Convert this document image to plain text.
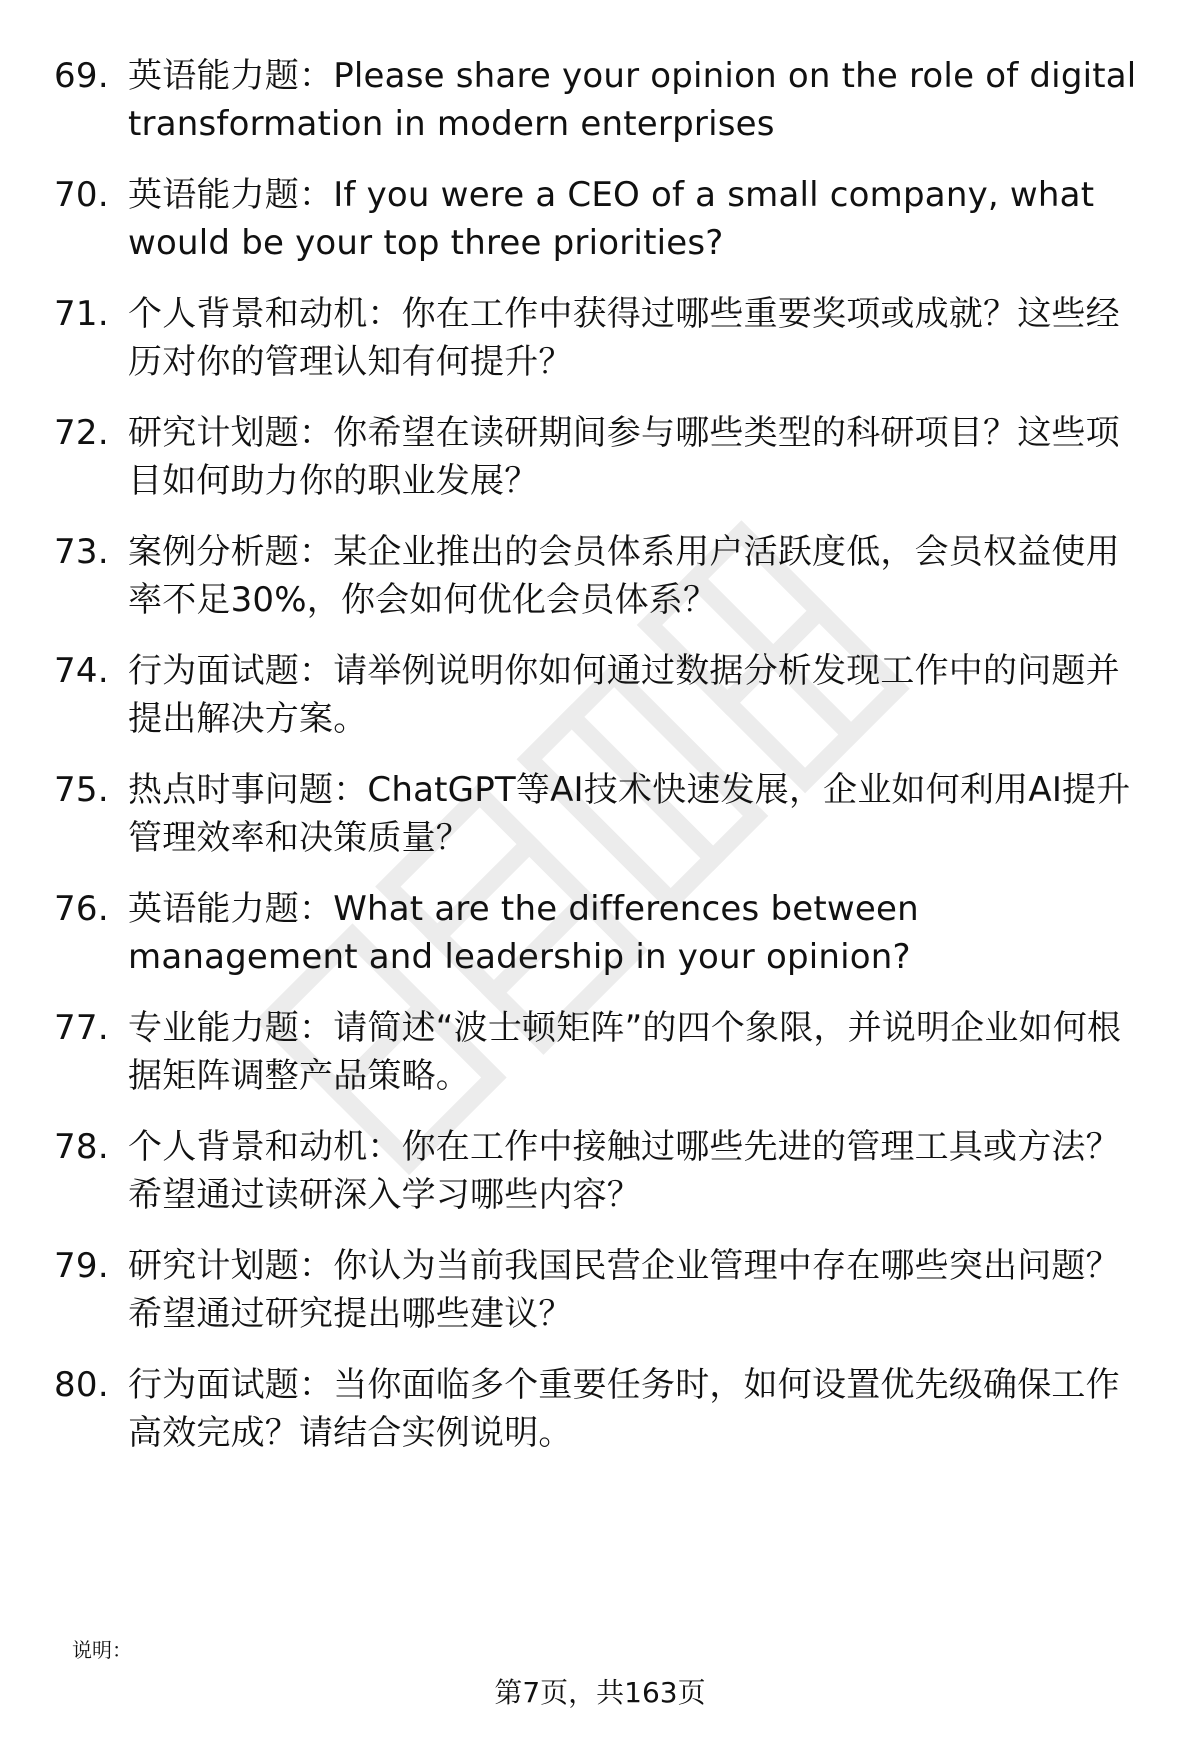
69. 英语能力题：Please share your opinion on the role of digital transformation in modern enterprises
70. 英语能力题：If you were a CEO of a small company, what would be your top three priorities?
71. 个人背景和动机：你在工作中获得过哪些重要奖项或成就？这些经历对你的管理认知有何提升？
72. 研究计划题：你希望在读研期间参与哪些类型的科研项目？这些项目如何助力你的职业发展？
73. 案例分析题：某企业推出的会员体系用户活跃度低，会员权益使用率不足30%，你会如何优化会员体系？
74. 行为面试题：请举例说明你如何通过数据分析发现工作中的问题并提出解决方案。
75. 热点时事问题：ChatGPT等AI技术快速发展，企业如何利用AI提升管理效率和决策质量？
76. 英语能力题：What are the differences between management and leadership in your opinion?
77. 专业能力题：请简述“波士顿矩阵”的四个象限，并说明企业如何根据矩阵调整产品策略。
78. 个人背景和动机：你在工作中接触过哪些先进的管理工具或方法？希望通过读研深入学习哪些内容？
79. 研究计划题：你认为当前我国民营企业管理中存在哪些突出问题？希望通过研究提出哪些建议？
80. 行为面试题：当你面临多个重要任务时，如何设置优先级确保工作高效完成？请结合实例说明。
说明：
第7页，共163页
